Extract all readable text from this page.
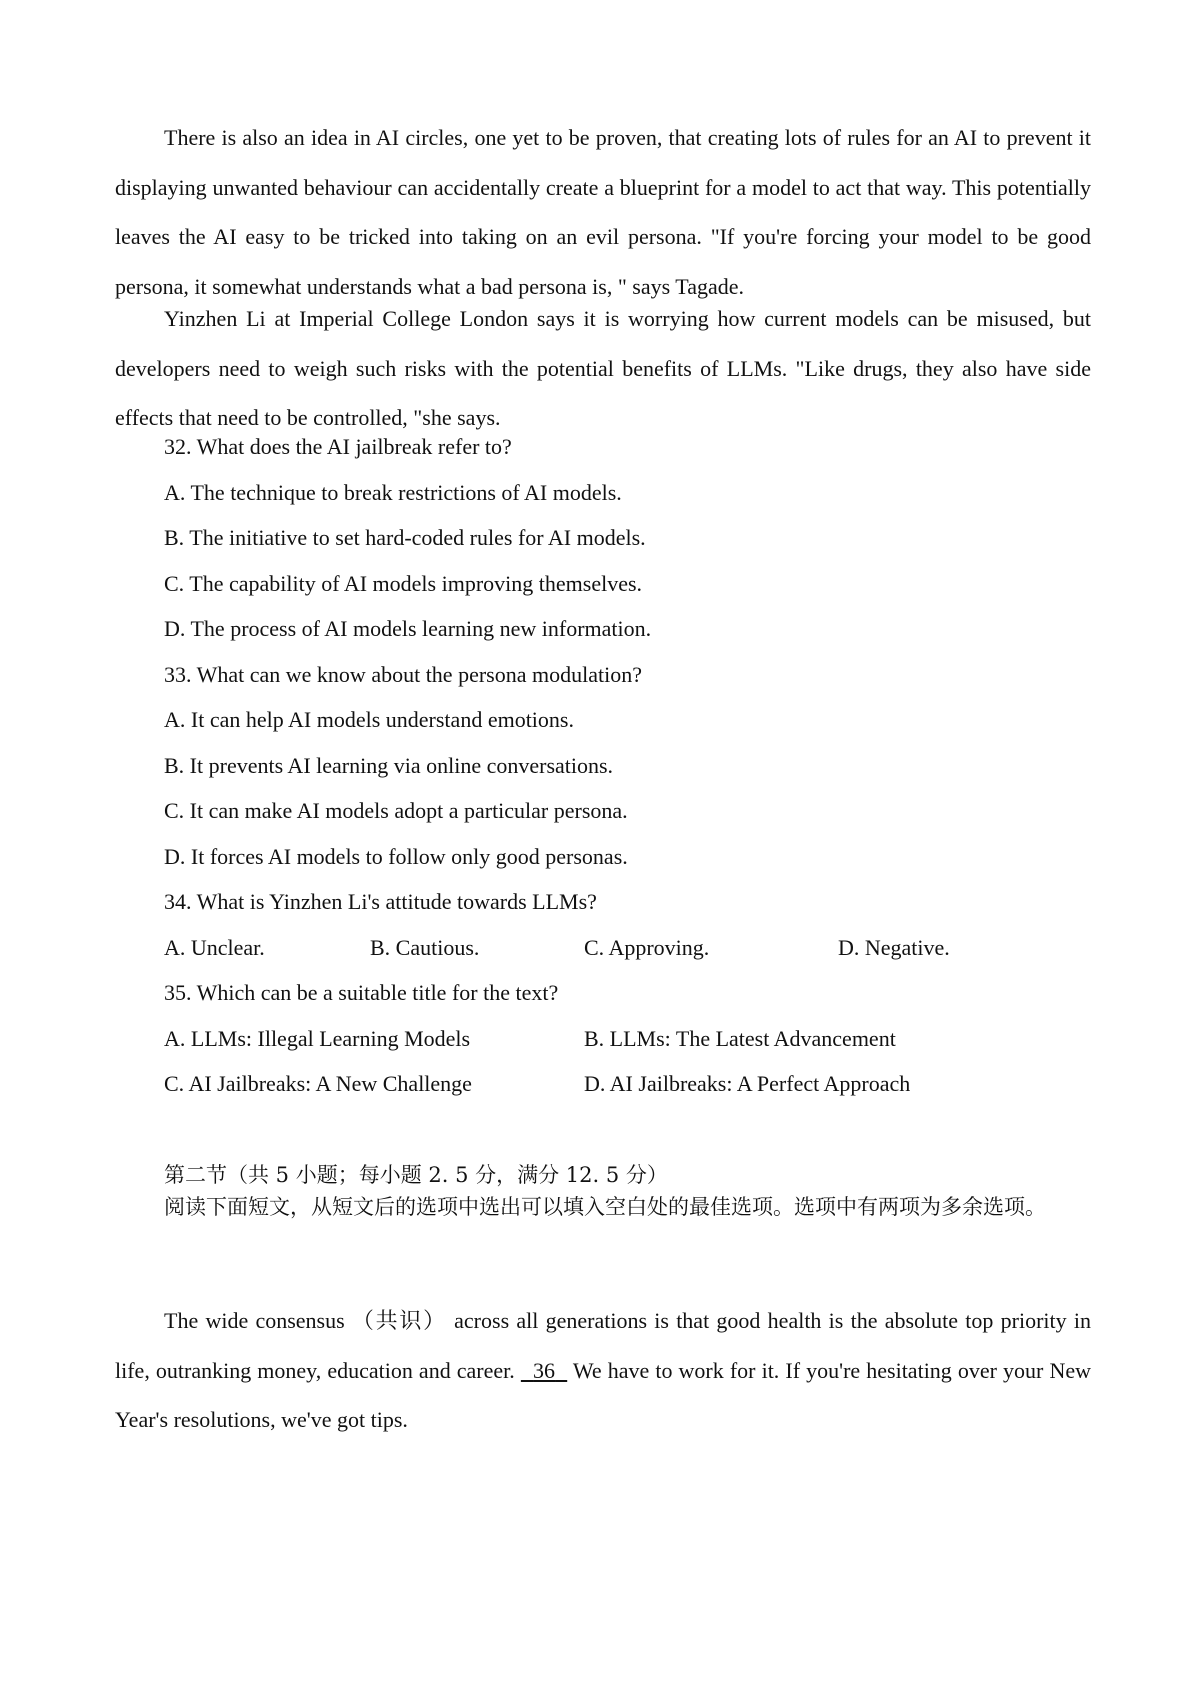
There is also an idea in AI circles, one yet to be proven, that creating lots of rules for an AI to prevent it displaying unwanted behaviour can accidentally create a blueprint for a model to act that way. This potentially leaves the AI easy to be tricked into taking on an evil persona. "If you're forcing your model to be good persona, it somewhat understands what a bad persona is, " says Tagade.

Yinzhen Li at Imperial College London says it is worrying how current models can be misused, but developers need to weigh such risks with the potential benefits of LLMs. "Like drugs, they also have side effects that need to be controlled, "she says.

32. What does the AI jailbreak refer to?
A. The technique to break restrictions of AI models.
B. The initiative to set hard-coded rules for AI models.
C. The capability of AI models improving themselves.
D. The process of AI models learning new information.
33. What can we know about the persona modulation?
A. It can help AI models understand emotions.
B. It prevents AI learning via online conversations.
C. It can make AI models adopt a particular persona.
D. It forces AI models to follow only good personas.
34. What is Yinzhen Li's attitude towards LLMs?
A. Unclear.	B. Cautious.	C. Approving.	D. Negative.
35. Which can be a suitable title for the text?
A. LLMs: Illegal Learning Models	B. LLMs: The Latest Advancement
C. AI Jailbreaks: A New Challenge	D. AI Jailbreaks: A Perfect Approach
第二节（共 5 小题；每小题 2. 5 分，满分 12. 5 分）

阅读下面短文，从短文后的选项中选出可以填入空白处的最佳选项。选项中有两项为多余选项。

The wide consensus （共识） across all generations is that good health is the absolute top priority in life, outranking money, education and career.   36   We have to work for it. If you're hesitating over your New Year's resolutions, we've got tips.
